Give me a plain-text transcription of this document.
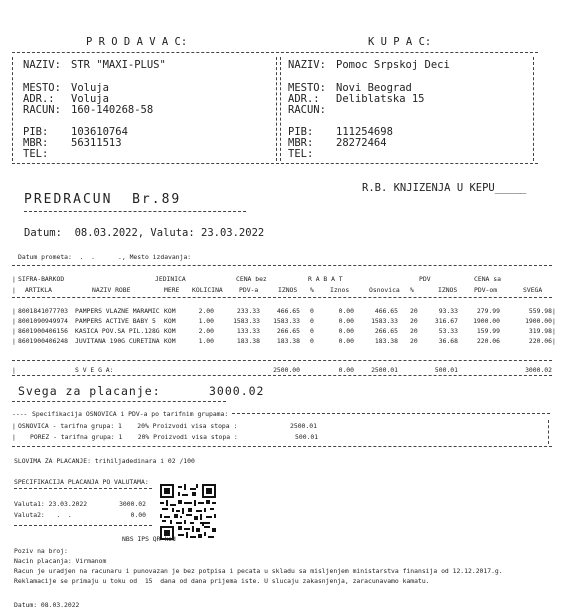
P R O D A V A C:	K U P A C:
NAZIV: STR "MAXI-PLUS"
MESTO: Voluja
ADR.: Voluja
RACUN: 160-140268-58
PIB: 103610764
MBR: 56311513
TEL:
NAZIV: Pomoc Srpskoj Deci
MESTO: Novi Beograd
ADR.: Deliblatska 15
RACUN:
PIB: 111254698
MBR: 28272464
TEL:
R.B. KNJIZENJA U KEPU_____
PREDRACUN  Br.89
Datum:  08.03.2022, Valuta: 23.03.2022
Datum prometa:  .  .      ., Mesto izdavanja:
| SIFRA-BARKOD	JEDINICA	CENA bez	R A B A T	PDV	CENA sa
| ARTIKLA	NAZIV ROBE	MERE KOLICINA	PDV-a	IZNOS %	Iznos	Osnovica %	IZNOS	PDV-om	SVEGA
| 8001841077703 PAMPERS VLAZNE MARAMIC KOM	2.00	233.33	466.65 0	0.00	466.65 20	93.33	279.99	559.98 |
| 8001090949974 PAMPERS ACTIVE BABY 5 KOM	1.00	1583.33	1583.33 0	0.00	1583.33 20	316.67	1900.00	1900.00 |
| 8601900406156 KASICA POV.SA PIL.128G KOM	2.00	133.33	266.65 0	0.00	266.65 20	53.33	159.99	319.98 |
| 8601900406248 JUVITANA 190G CURETINA KOM	1.00	183.38	183.38 0	0.00	183.38 20	36.68	220.06	220.06 |
|	S V E G A:	2500.00	0.00	2500.01	500.01	3000.02
Svega za placanje:	3000.02
---- Specifikacija OSNOVICA i PDV-a po tarifnim grupama:
| OSNOVICA - tarifna grupa: 1    20% Proizvodi visa stopa :	2500.01
| POREZ - tarifna grupa: 1    20% Proizvodi visa stopa :	500.01
SLOVIMA ZA PLACANJE: trihiljadedinara i 02 /100
SPECIFIKACIJA PLACANJA PO VALUTAMA:
Valuta1: 23.03.2022	3000.02
Valuta2:   .  .	0.00
NBS IPS QR kod
Poziv na broj:
Nacin placanja: Virmanom
Racun je uradjen na racunaru i punovazan je bez potpisa i pecata u skladu sa misljenjem ministarstva finansija od 12.12.2017.g.
Reklamacije se primaju u toku od  15  dana od dana prijema iste. U slucaju zakasnjenja, zaracunavamo kamatu.
Datum: 08.03.2022
